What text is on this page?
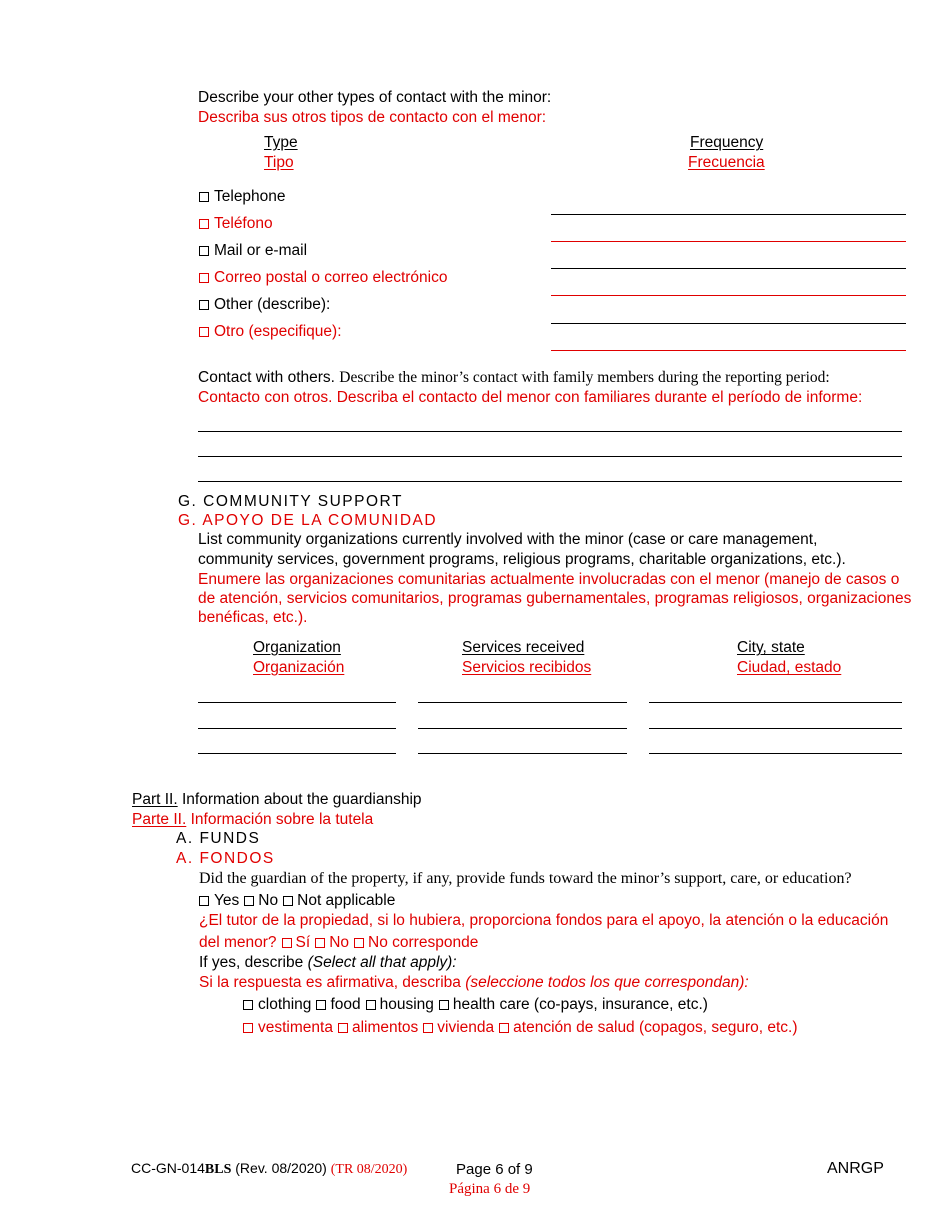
Describe your other types of contact with the minor:
Describa sus otros tipos de contacto con el menor:
Type
Tipo
Frequency
Frecuencia
Telephone
Teléfono
Mail or e-mail
Correo postal o correo electrónico
Other (describe):
Otro (especifique):
Contact with others. Describe the minor’s contact with family members during the reporting period:
Contacto con otros. Describa el contacto del menor con familiares durante el período de informe:
G. COMMUNITY SUPPORT
G. APOYO DE LA COMUNIDAD
List community organizations currently involved with the minor (case or care management,
community services, government programs, religious programs, charitable organizations, etc.).
Enumere las organizaciones comunitarias actualmente involucradas con el menor (manejo de casos o
de atención, servicios comunitarios, programas gubernamentales, programas religiosos, organizaciones
benéficas, etc.).
Organization
Organización
Services received
Servicios recibidos
City, state
Ciudad, estado
Part II. Information about the guardianship
Parte II. Información sobre la tutela
A. FUNDS
A. FONDOS
Did the guardian of the property, if any, provide funds toward the minor’s support, care, or education?
Yes No Not applicable
¿El tutor de la propiedad, si lo hubiera, proporciona fondos para el apoyo, la atención o la educación
del menor? Sí No No corresponde
If yes, describe (Select all that apply):
Si la respuesta es afirmativa, describa (seleccione todos los que correspondan):
clothing food housing health care (co-pays, insurance, etc.)
vestimenta alimentos vivienda atención de salud (copagos, seguro, etc.)
CC-GN-014BLS (Rev. 08/2020) (TR 08/2020)	Page 6 of 9
Página 6 de 9
ANRGP
